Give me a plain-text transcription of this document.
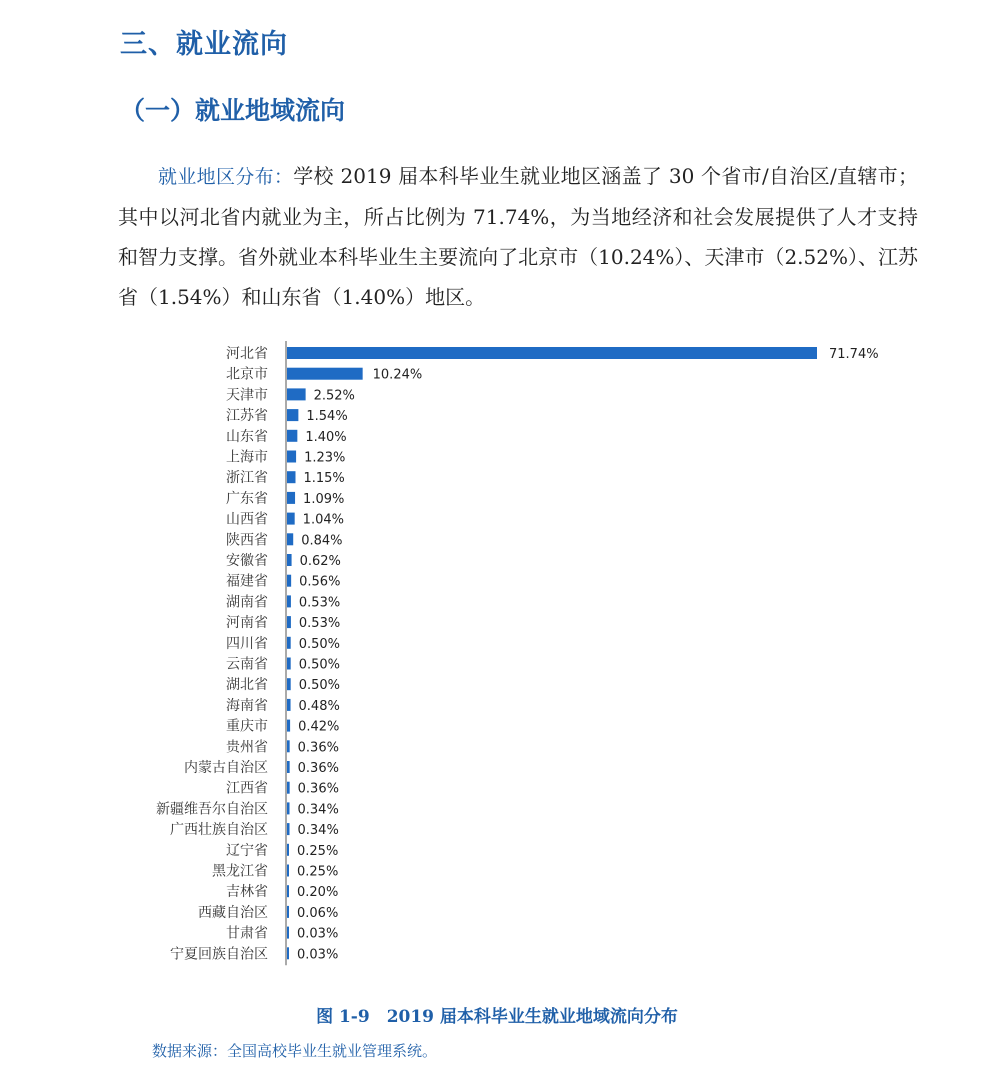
三、就业流向
（一）就业地域流向

就业地区分布：学校 2019 届本科毕业生就业地区涵盖了 30 个省市/自治区/直辖市；其中以河北省内就业为主，所占比例为 71.74%，为当地经济和社会发展提供了人才支持和智力支撑。省外就业本科毕业生主要流向了北京市（10.24%）、天津市（2.52%）、江苏省（1.54%）和山东省（1.40%）地区。

河北省
北京市
天津市
江苏省
山东省
上海市
浙江省
广东省
山西省
陕西省
安徽省
福建省
湖南省
河南省
四川省
云南省
湖北省
海南省
重庆市
贵州省
内蒙古自治区
江西省
新疆维吾尔自治区
广西壮族自治区
辽宁省
黑龙江省
吉林省
西藏自治区
甘肃省
宁夏回族自治区
71.74%
10.24%
2.52%
1.54%
1.40%
1.23%
1.15%
1.09%
1.04%
0.84%
0.62%
0.56%
0.53%
0.53%
0.50%
0.50%
0.50%
0.48%
0.42%
0.36%
0.36%
0.36%
0.34%
0.34%
0.25%
0.25%
0.20%
0.06%
0.03%
0.03%

图 1-9　2019 届本科毕业生就业地域流向分布

数据来源：全国高校毕业生就业管理系统。
